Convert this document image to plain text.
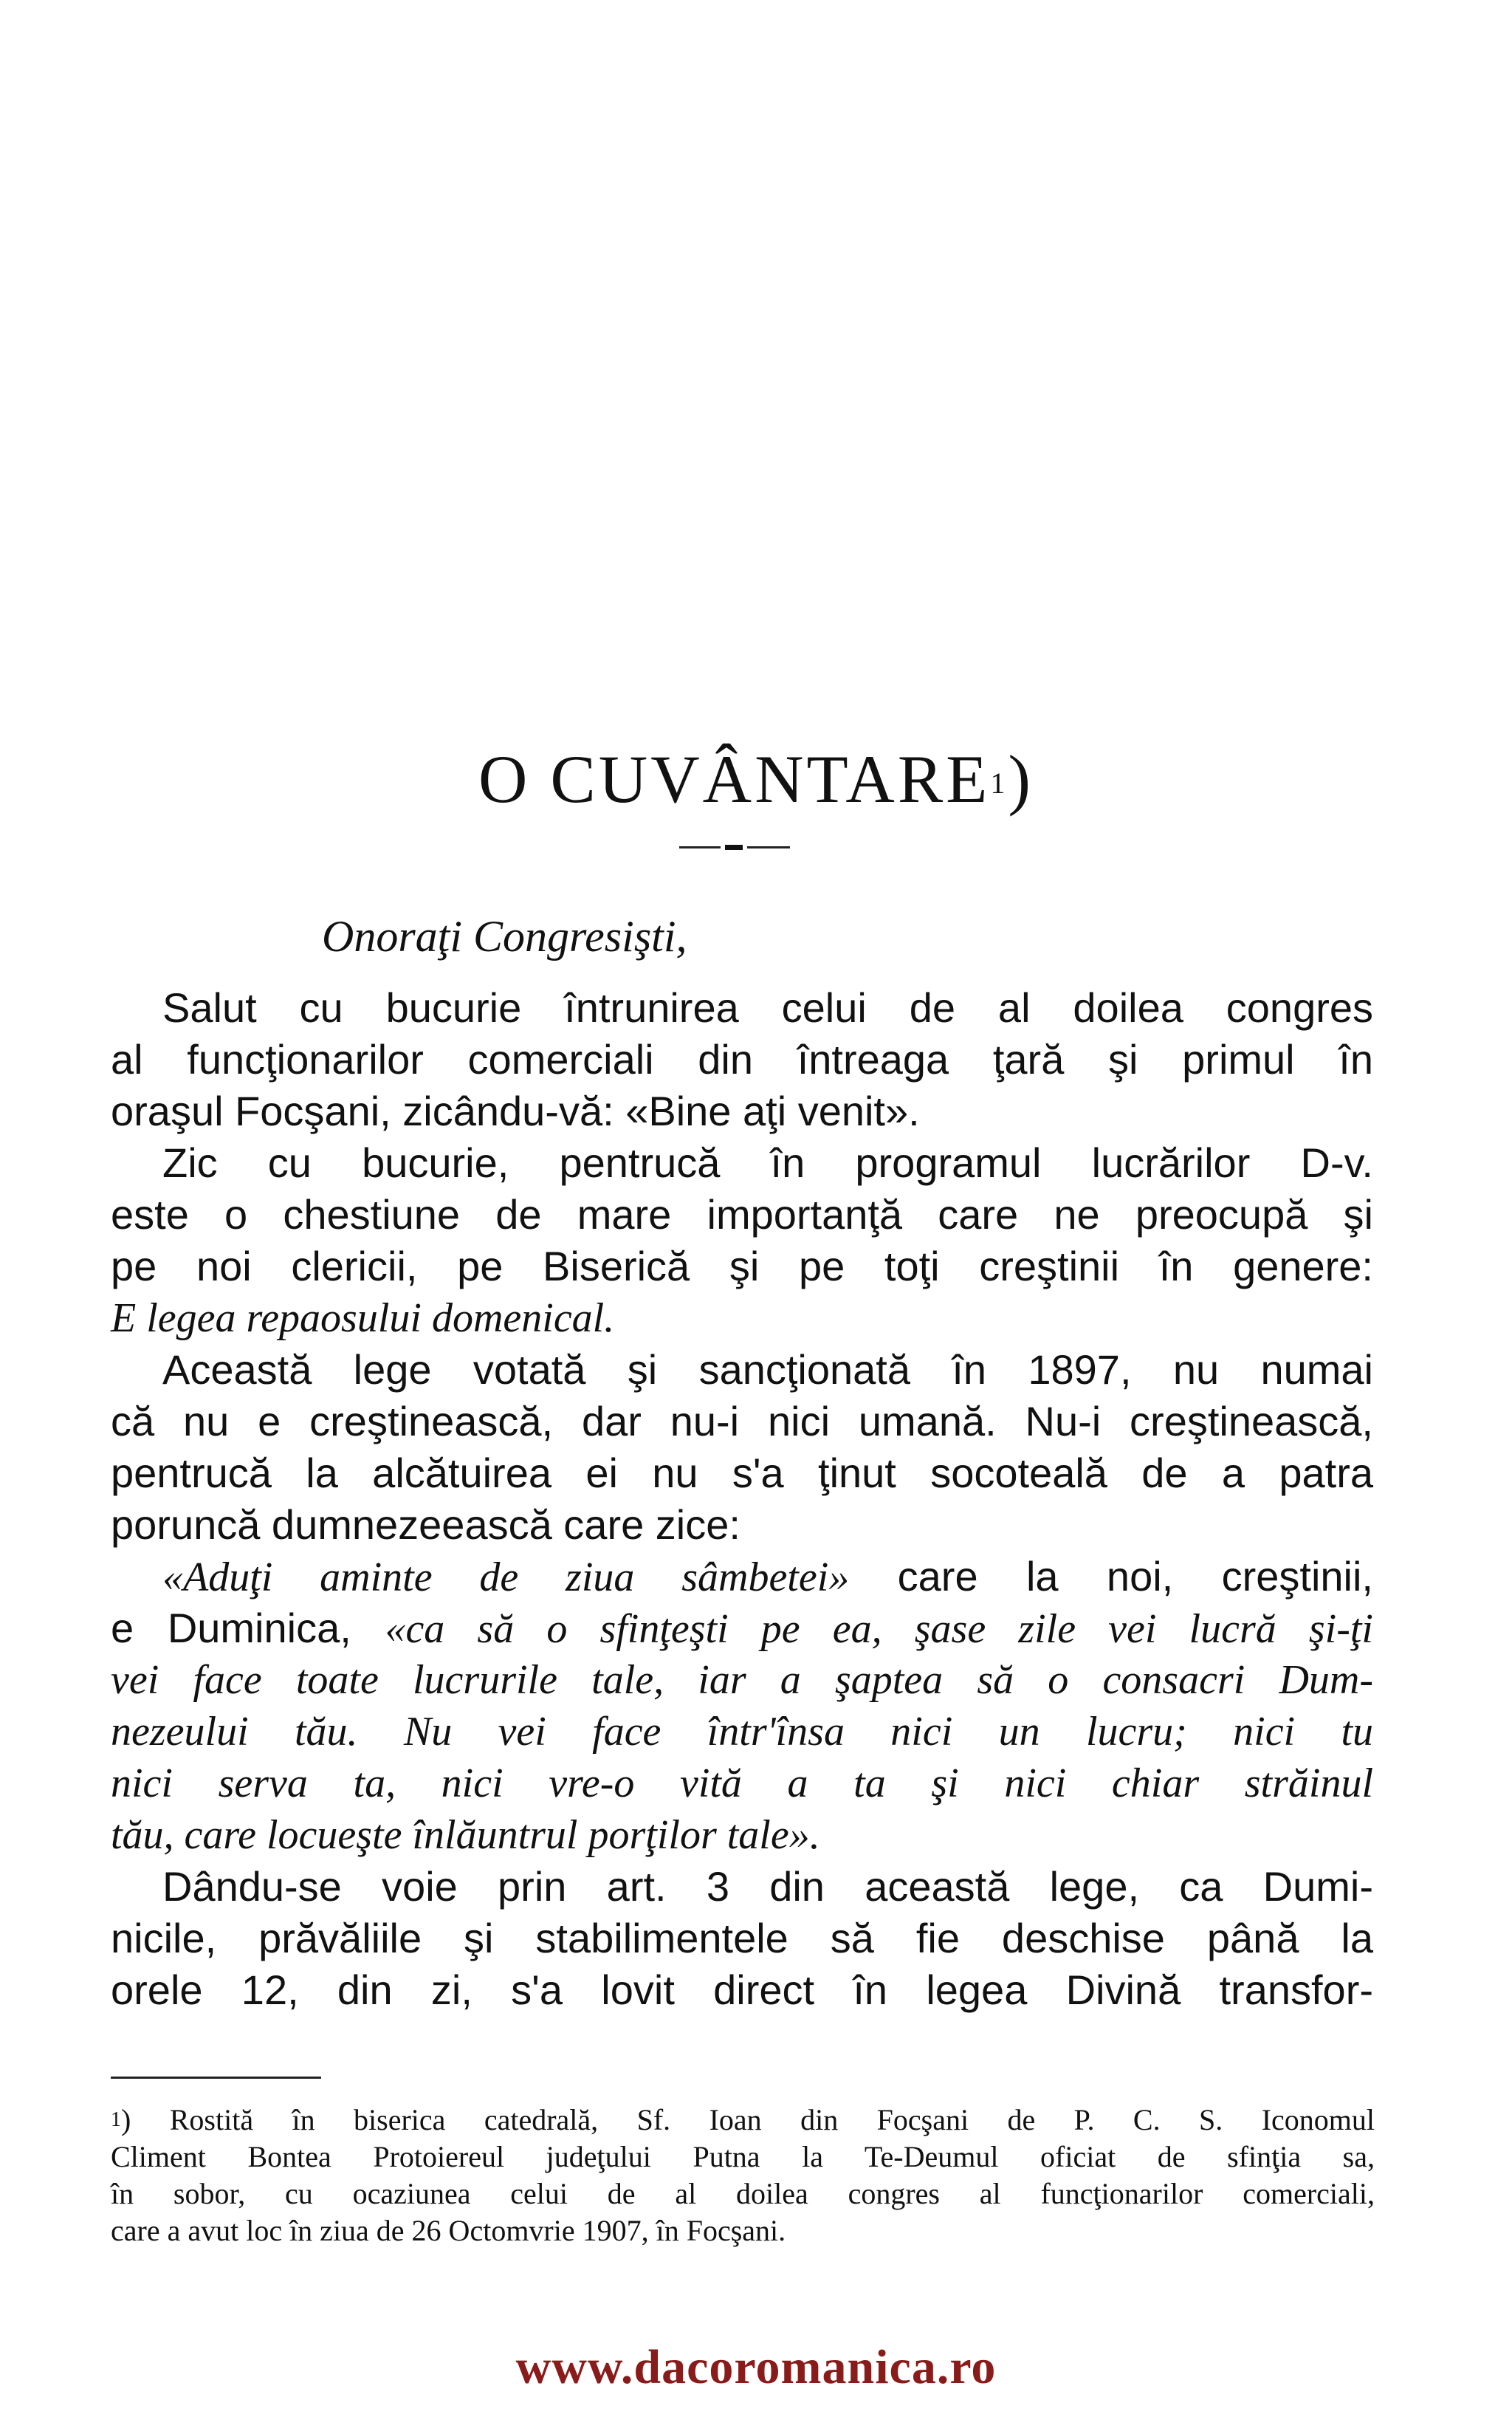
O CUVÂNTARE$^1$)
Onoraţi Congresişti,
Salut cu bucurie întrunirea celui de al doilea congres
al funcţionarilor comerciali din întreaga ţară şi primul în
oraşul Focşani, zicându-vă: «Bine aţi venit».
Zic cu bucurie, pentrucă în programul lucrărilor D-v.
este o chestiune de mare importanţă care ne preocupă şi
pe noi clericii, pe Biserică şi pe toţi creştinii în genere:
E legea repaosului domenical.
Această lege votată şi sancţionată în 1897, nu numai
că nu e creştinească, dar nu-i nici umană. Nu-i creştinească,
pentrucă la alcătuirea ei nu s'a ţinut socoteală de a patra
poruncă dumnezeească care zice:
«Aduţi aminte de ziua sâmbetei» care la noi, creştinii,
e Duminica, «ca să o sfinţeşti pe ea, şase zile vei lucră şi-ţi
vei face toate lucrurile tale, iar a şaptea să o consacri Dum-
nezeului tău. Nu vei face într'însa nici un lucru; nici tu
nici serva ta, nici vre-o vită a ta şi nici chiar străinul
tău, care locueşte înlăuntrul porţilor tale».
Dându-se voie prin art. 3 din această lege, ca Dumi-
nicile, prăvăliile şi stabilimentele să fie deschise până la
orele 12, din zi, s'a lovit direct în legea Divină transfor-
$^1$) Rostită în biserica catedrală, Sf. Ioan din Focşani de P. C. S. Iconomul
Climent Bontea Protoiereul judeţului Putna la Te-Deumul oficiat de sfinţia sa,
în sobor, cu ocaziunea celui de al doilea congres al funcţionarilor comerciali,
care a avut loc în ziua de 26 Octomvrie 1907, în Focşani.
www.dacoromanica.ro
